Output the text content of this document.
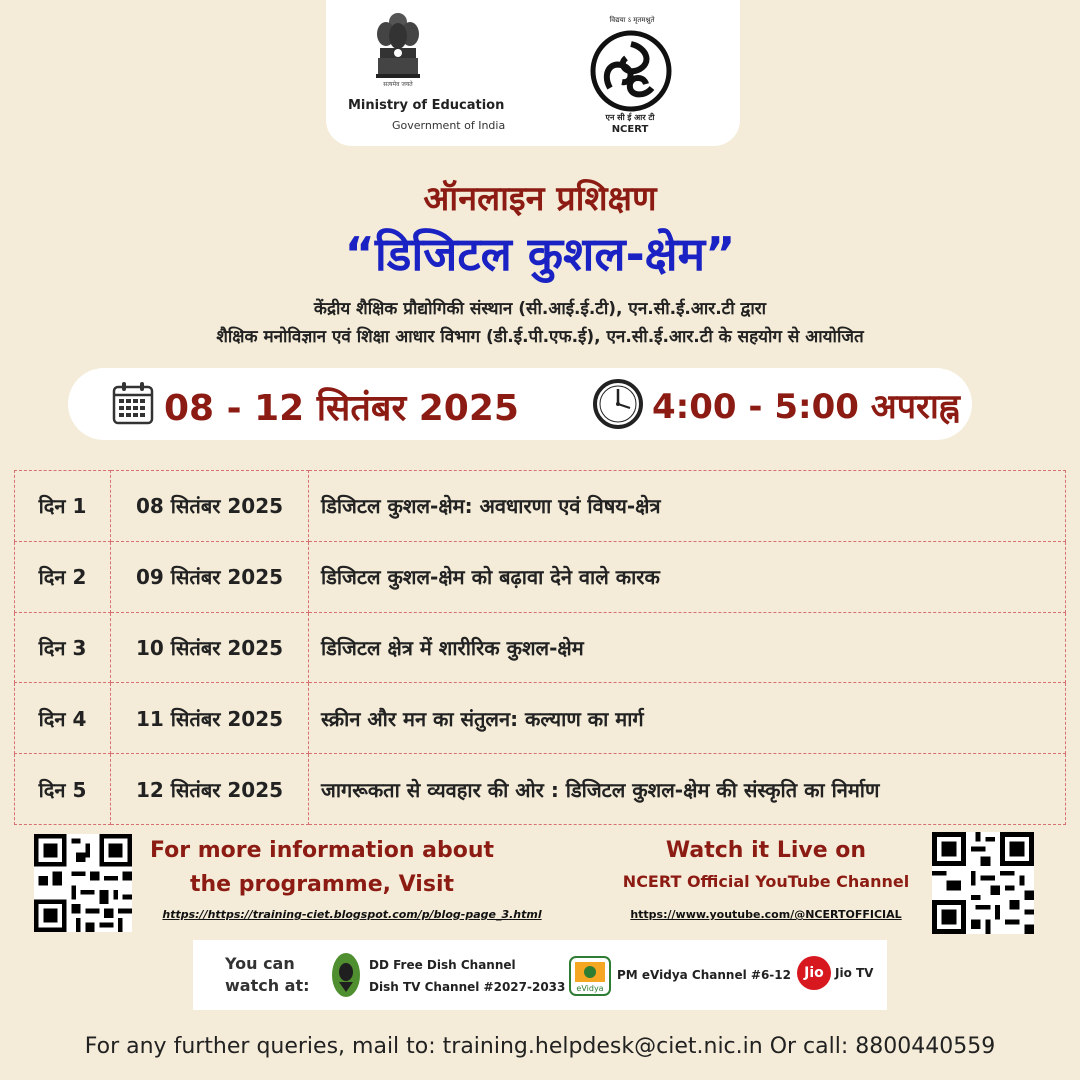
सत्यमेव जयते
Ministry of Education
Government of India
विद्यया ऽ मृतमश्नुते
एन सी ई आर टी
NCERT
ऑनलाइन प्रशिक्षण
“डिजिटल कुशल-क्षेम”
केंद्रीय शैक्षिक प्रौद्योगिकी संस्थान (सी.आई.ई.टी), एन.सी.ई.आर.टी द्वारा
शैक्षिक मनोविज्ञान एवं शिक्षा आधार विभाग (डी.ई.पी.एफ.ई), एन.सी.ई.आर.टी के सहयोग से आयोजित
08 - 12 सितंबर 2025	4:00 - 5:00 अपराह्न
दिन 1	08 सितंबर 2025	डिजिटल कुशल-क्षेम: अवधारणा एवं विषय-क्षेत्र
दिन 2	09 सितंबर 2025	डिजिटल कुशल-क्षेम को बढ़ावा देने वाले कारक
दिन 3	10 सितंबर 2025	डिजिटल क्षेत्र में शारीरिक कुशल-क्षेम
दिन 4	11 सितंबर 2025	स्क्रीन और मन का संतुलन: कल्याण का मार्ग
दिन 5	12 सितंबर 2025	जागरूकता से व्यवहार की ओर : डिजिटल कुशल-क्षेम की संस्कृति का निर्माण
For more information about
the programme, Visit
https://https://training-ciet.blogspot.com/p/blog-page_3.html
Watch it Live on
NCERT Official YouTube Channel
https://www.youtube.com/@NCERTOFFICIAL
You can
watch at:
DD Free Dish Channel
Dish TV Channel #2027-2033 eVidya
PM eVidya Channel #6-12 Jio Jio TV
For any further queries, mail to: training.helpdesk@ciet.nic.in Or call: 8800440559
